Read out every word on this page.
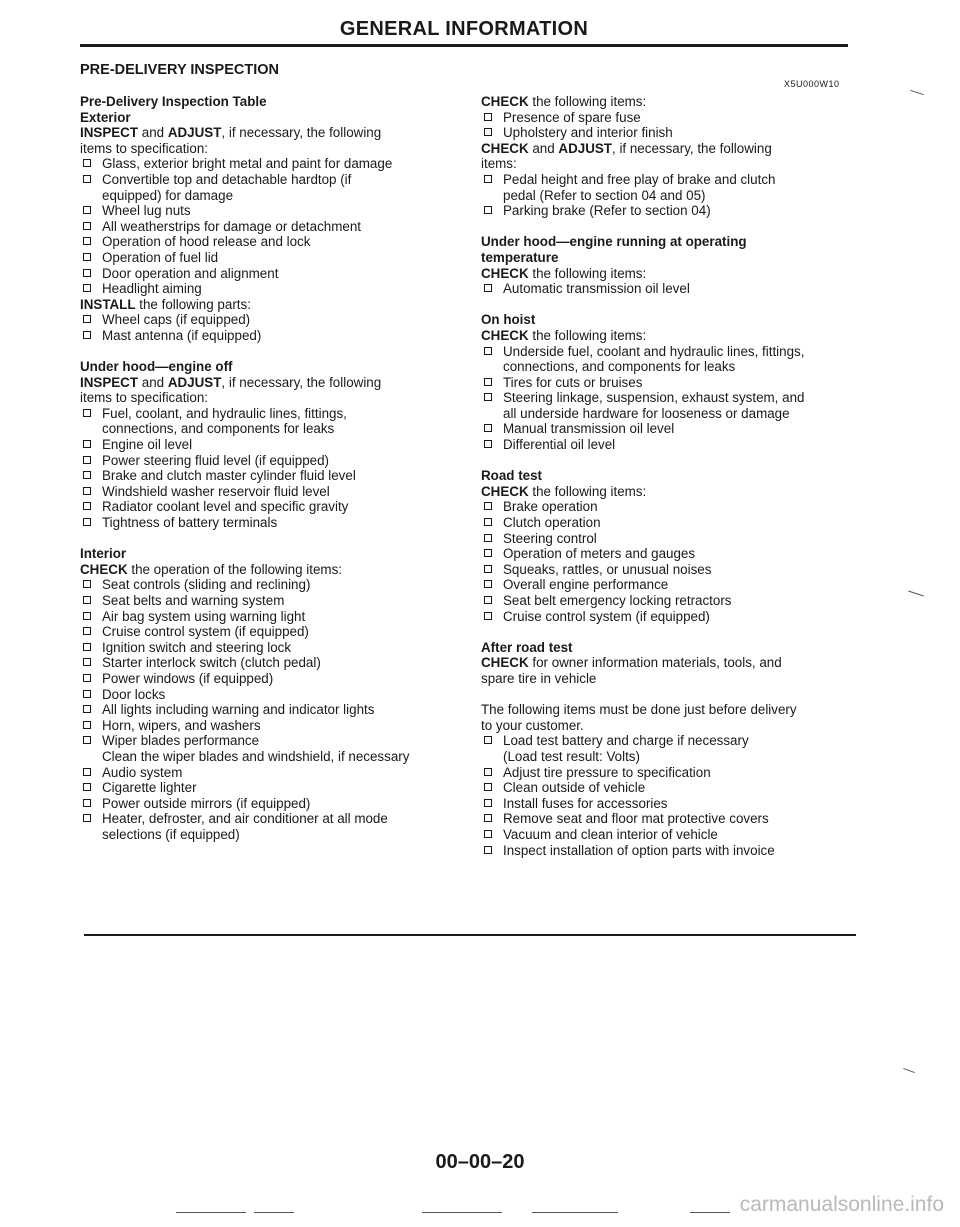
GENERAL INFORMATION
PRE-DELIVERY INSPECTION
X5U000W10
Pre-Delivery Inspection Table
Exterior
INSPECT and ADJUST, if necessary, the following
items to specification:
Glass, exterior bright metal and paint for damage
Convertible top and detachable hardtop (if
equipped) for damage
Wheel lug nuts
All weatherstrips for damage or detachment
Operation of hood release and lock
Operation of fuel lid
Door operation and alignment
Headlight aiming
INSTALL the following parts:
Wheel caps (if equipped)
Mast antenna (if equipped)
Under hood—engine off
INSPECT and ADJUST, if necessary, the following
items to specification:
Fuel, coolant, and hydraulic lines, fittings,
connections, and components for leaks
Engine oil level
Power steering fluid level (if equipped)
Brake and clutch master cylinder fluid level
Windshield washer reservoir fluid level
Radiator coolant level and specific gravity
Tightness of battery terminals
Interior
CHECK the operation of the following items:
Seat controls (sliding and reclining)
Seat belts and warning system
Air bag system using warning light
Cruise control system (if equipped)
Ignition switch and steering lock
Starter interlock switch (clutch pedal)
Power windows (if equipped)
Door locks
All lights including warning and indicator lights
Horn, wipers, and washers
Wiper blades performance
Clean the wiper blades and windshield, if necessary
Audio system
Cigarette lighter
Power outside mirrors (if equipped)
Heater, defroster, and air conditioner at all mode
selections (if equipped)
CHECK the following items:
Presence of spare fuse
Upholstery and interior finish
CHECK and ADJUST, if necessary, the following
items:
Pedal height and free play of brake and clutch
pedal (Refer to section 04 and 05)
Parking brake (Refer to section 04)
Under hood—engine running at operating
temperature
CHECK the following items:
Automatic transmission oil level
On hoist
CHECK the following items:
Underside fuel, coolant and hydraulic lines, fittings,
connections, and components for leaks
Tires for cuts or bruises
Steering linkage, suspension, exhaust system, and
all underside hardware for looseness or damage
Manual transmission oil level
Differential oil level
Road test
CHECK the following items:
Brake operation
Clutch operation
Steering control
Operation of meters and gauges
Squeaks, rattles, or unusual noises
Overall engine performance
Seat belt emergency locking retractors
Cruise control system (if equipped)
After road test
CHECK for owner information materials, tools, and
spare tire in vehicle
The following items must be done just before delivery
to your customer.
Load test battery and charge if necessary
(Load test result: Volts)
Adjust tire pressure to specification
Clean outside of vehicle
Install fuses for accessories
Remove seat and floor mat protective covers
Vacuum and clean interior of vehicle
Inspect installation of option parts with invoice
00–00–20
carmanualsonline.info
